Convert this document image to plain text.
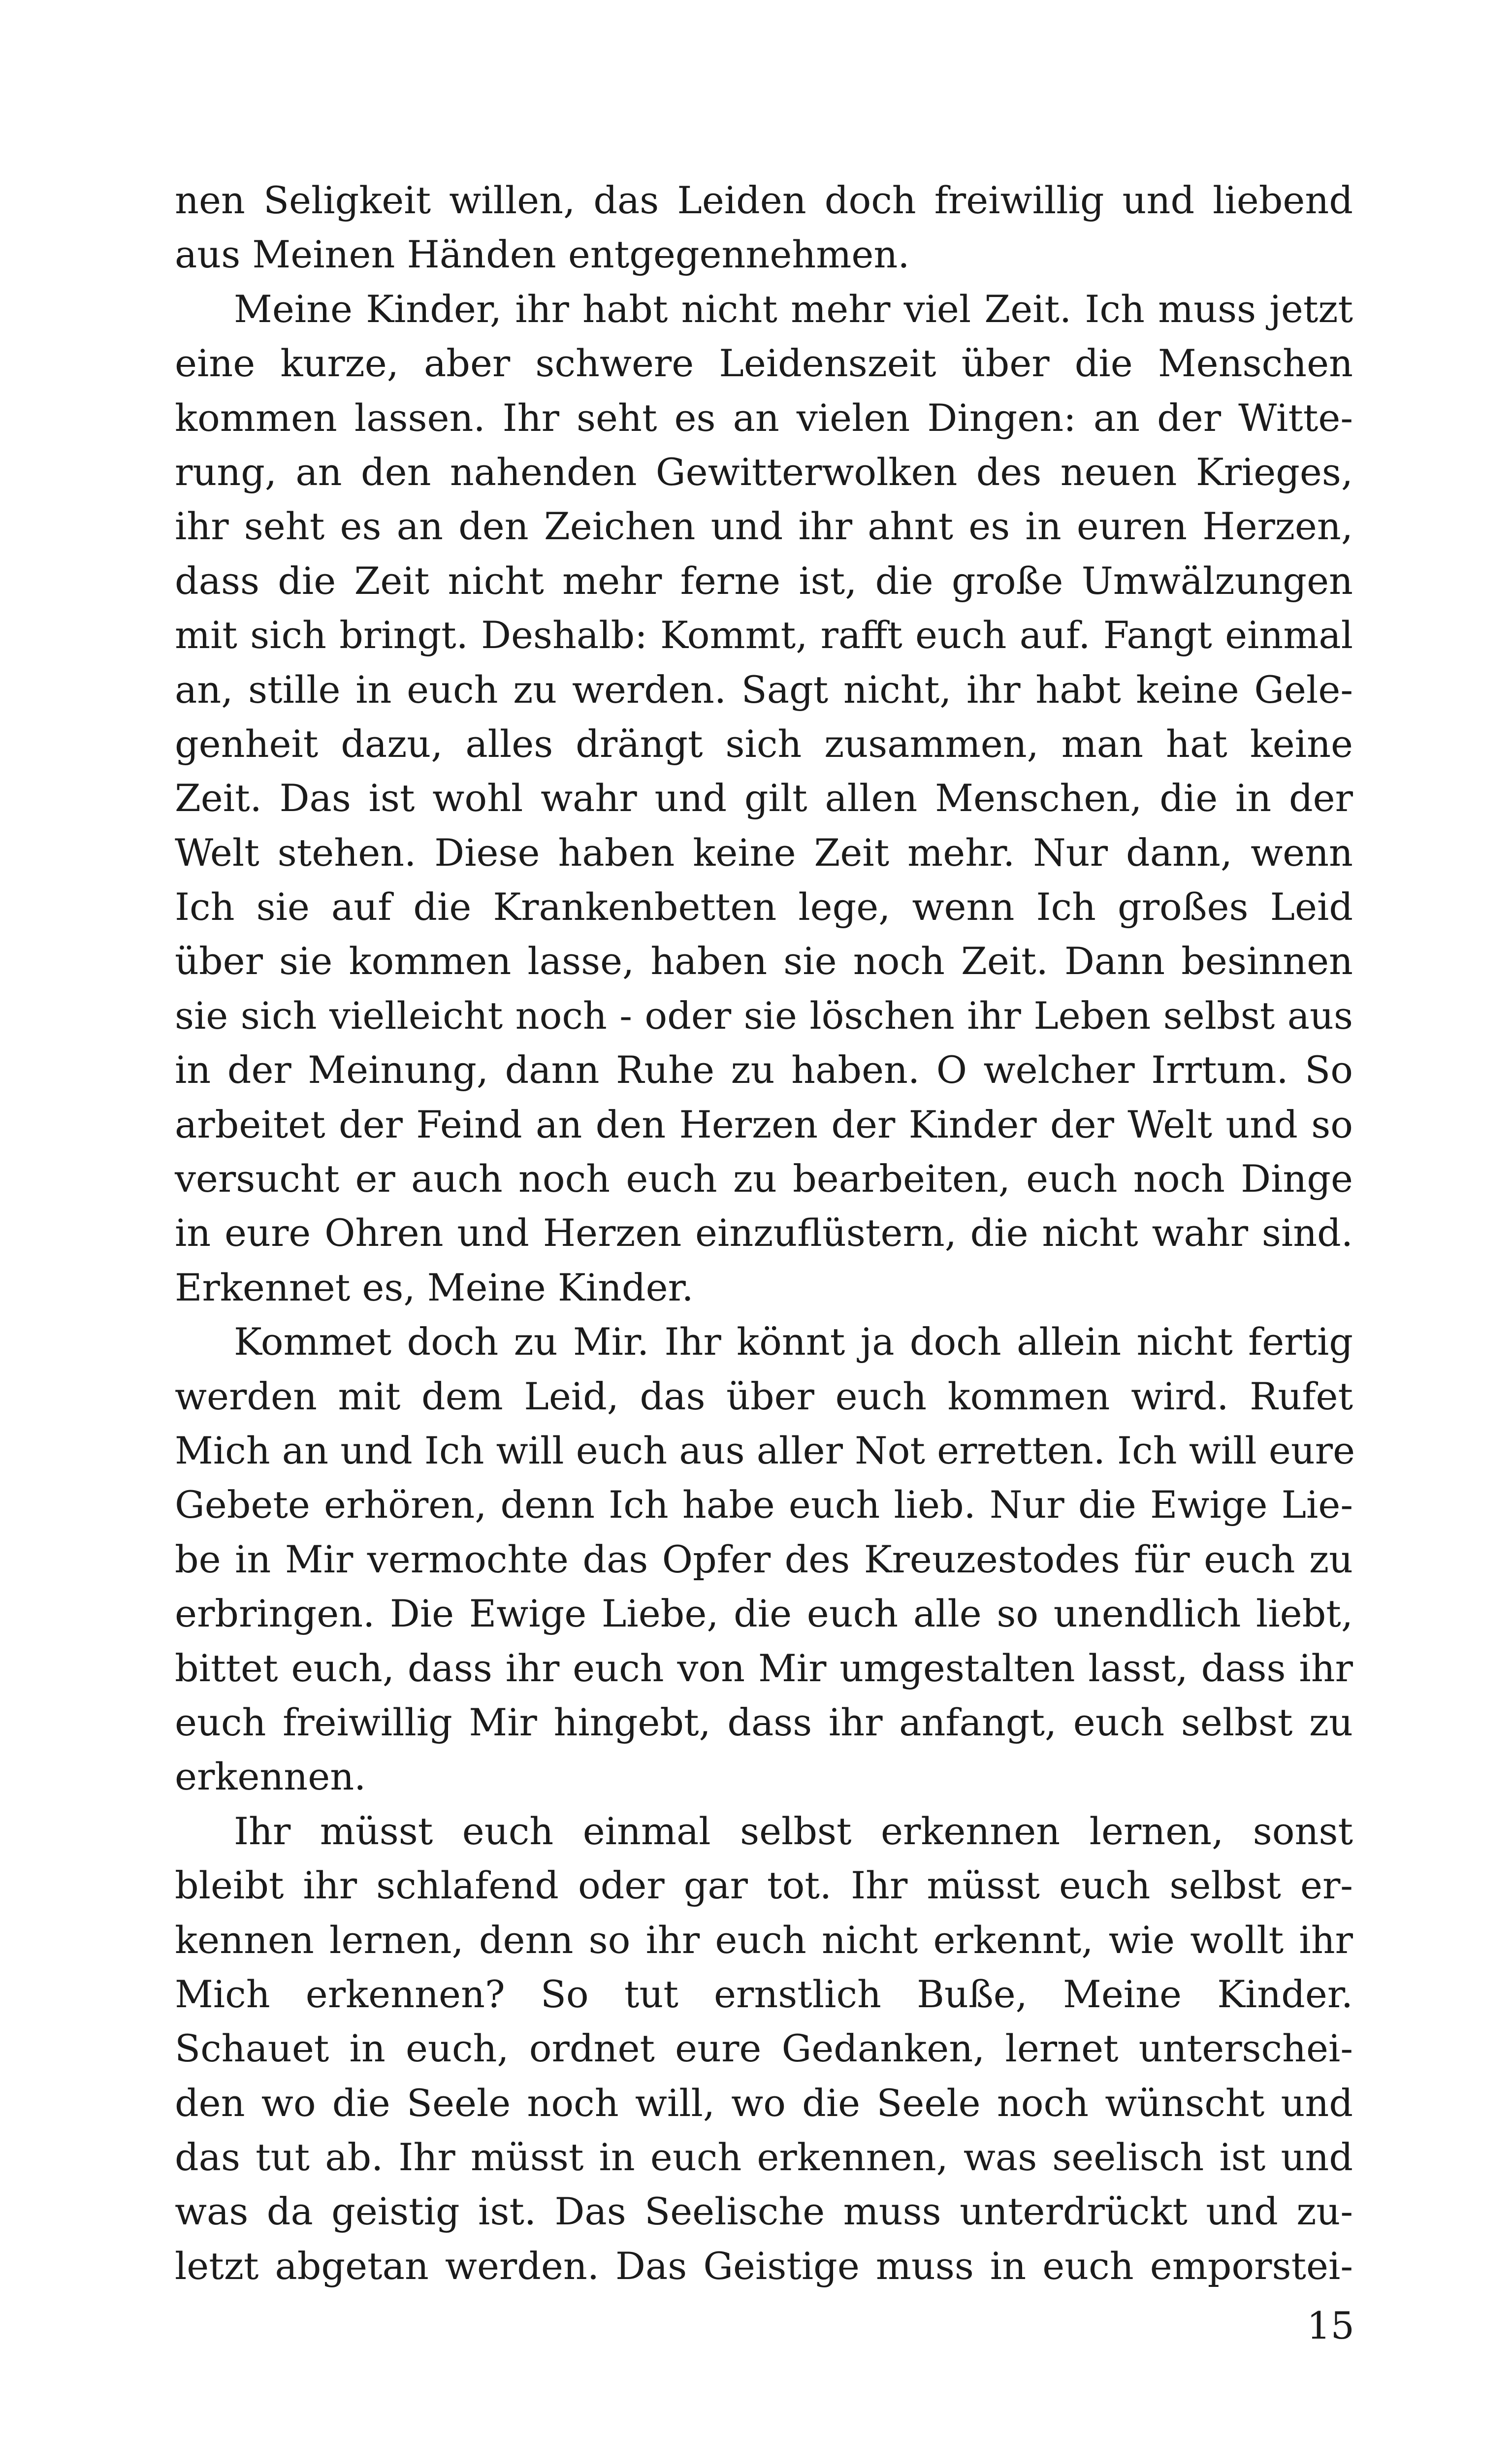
nen Seligkeit willen, das Leiden doch freiwillig und liebend
aus Meinen Händen entgegennehmen.
Meine Kinder, ihr habt nicht mehr viel Zeit. Ich muss jetzt
eine kurze, aber schwere Leidenszeit über die Menschen
kommen lassen. Ihr seht es an vielen Dingen: an der Witte-
rung, an den nahenden Gewitterwolken des neuen Krieges,
ihr seht es an den Zeichen und ihr ahnt es in euren Herzen,
dass die Zeit nicht mehr ferne ist, die große Umwälzungen
mit sich bringt. Deshalb: Kommt, rafft euch auf. Fangt einmal
an, stille in euch zu werden. Sagt nicht, ihr habt keine Gele-
genheit dazu, alles drängt sich zusammen, man hat keine
Zeit. Das ist wohl wahr und gilt allen Menschen, die in der
Welt stehen. Diese haben keine Zeit mehr. Nur dann, wenn
Ich sie auf die Krankenbetten lege, wenn Ich großes Leid
über sie kommen lasse, haben sie noch Zeit. Dann besinnen
sie sich vielleicht noch - oder sie löschen ihr Leben selbst aus
in der Meinung, dann Ruhe zu haben. O welcher Irrtum. So
arbeitet der Feind an den Herzen der Kinder der Welt und so
versucht er auch noch euch zu bearbeiten, euch noch Dinge
in eure Ohren und Herzen einzuflüstern, die nicht wahr sind.
Erkennet es, Meine Kinder.
Kommet doch zu Mir. Ihr könnt ja doch allein nicht fertig
werden mit dem Leid, das über euch kommen wird. Rufet
Mich an und Ich will euch aus aller Not erretten. Ich will eure
Gebete erhören, denn Ich habe euch lieb. Nur die Ewige Lie-
be in Mir vermochte das Opfer des Kreuzestodes für euch zu
erbringen. Die Ewige Liebe, die euch alle so unendlich liebt,
bittet euch, dass ihr euch von Mir umgestalten lasst, dass ihr
euch freiwillig Mir hingebt, dass ihr anfangt, euch selbst zu
erkennen.
Ihr müsst euch einmal selbst erkennen lernen, sonst
bleibt ihr schlafend oder gar tot. Ihr müsst euch selbst er-
kennen lernen, denn so ihr euch nicht erkennt, wie wollt ihr
Mich erkennen? So tut ernstlich Buße, Meine Kinder.
Schauet in euch, ordnet eure Gedanken, lernet unterschei-
den wo die Seele noch will, wo die Seele noch wünscht und
das tut ab. Ihr müsst in euch erkennen, was seelisch ist und
was da geistig ist. Das Seelische muss unterdrückt und zu-
letzt abgetan werden. Das Geistige muss in euch emporstei-
15
